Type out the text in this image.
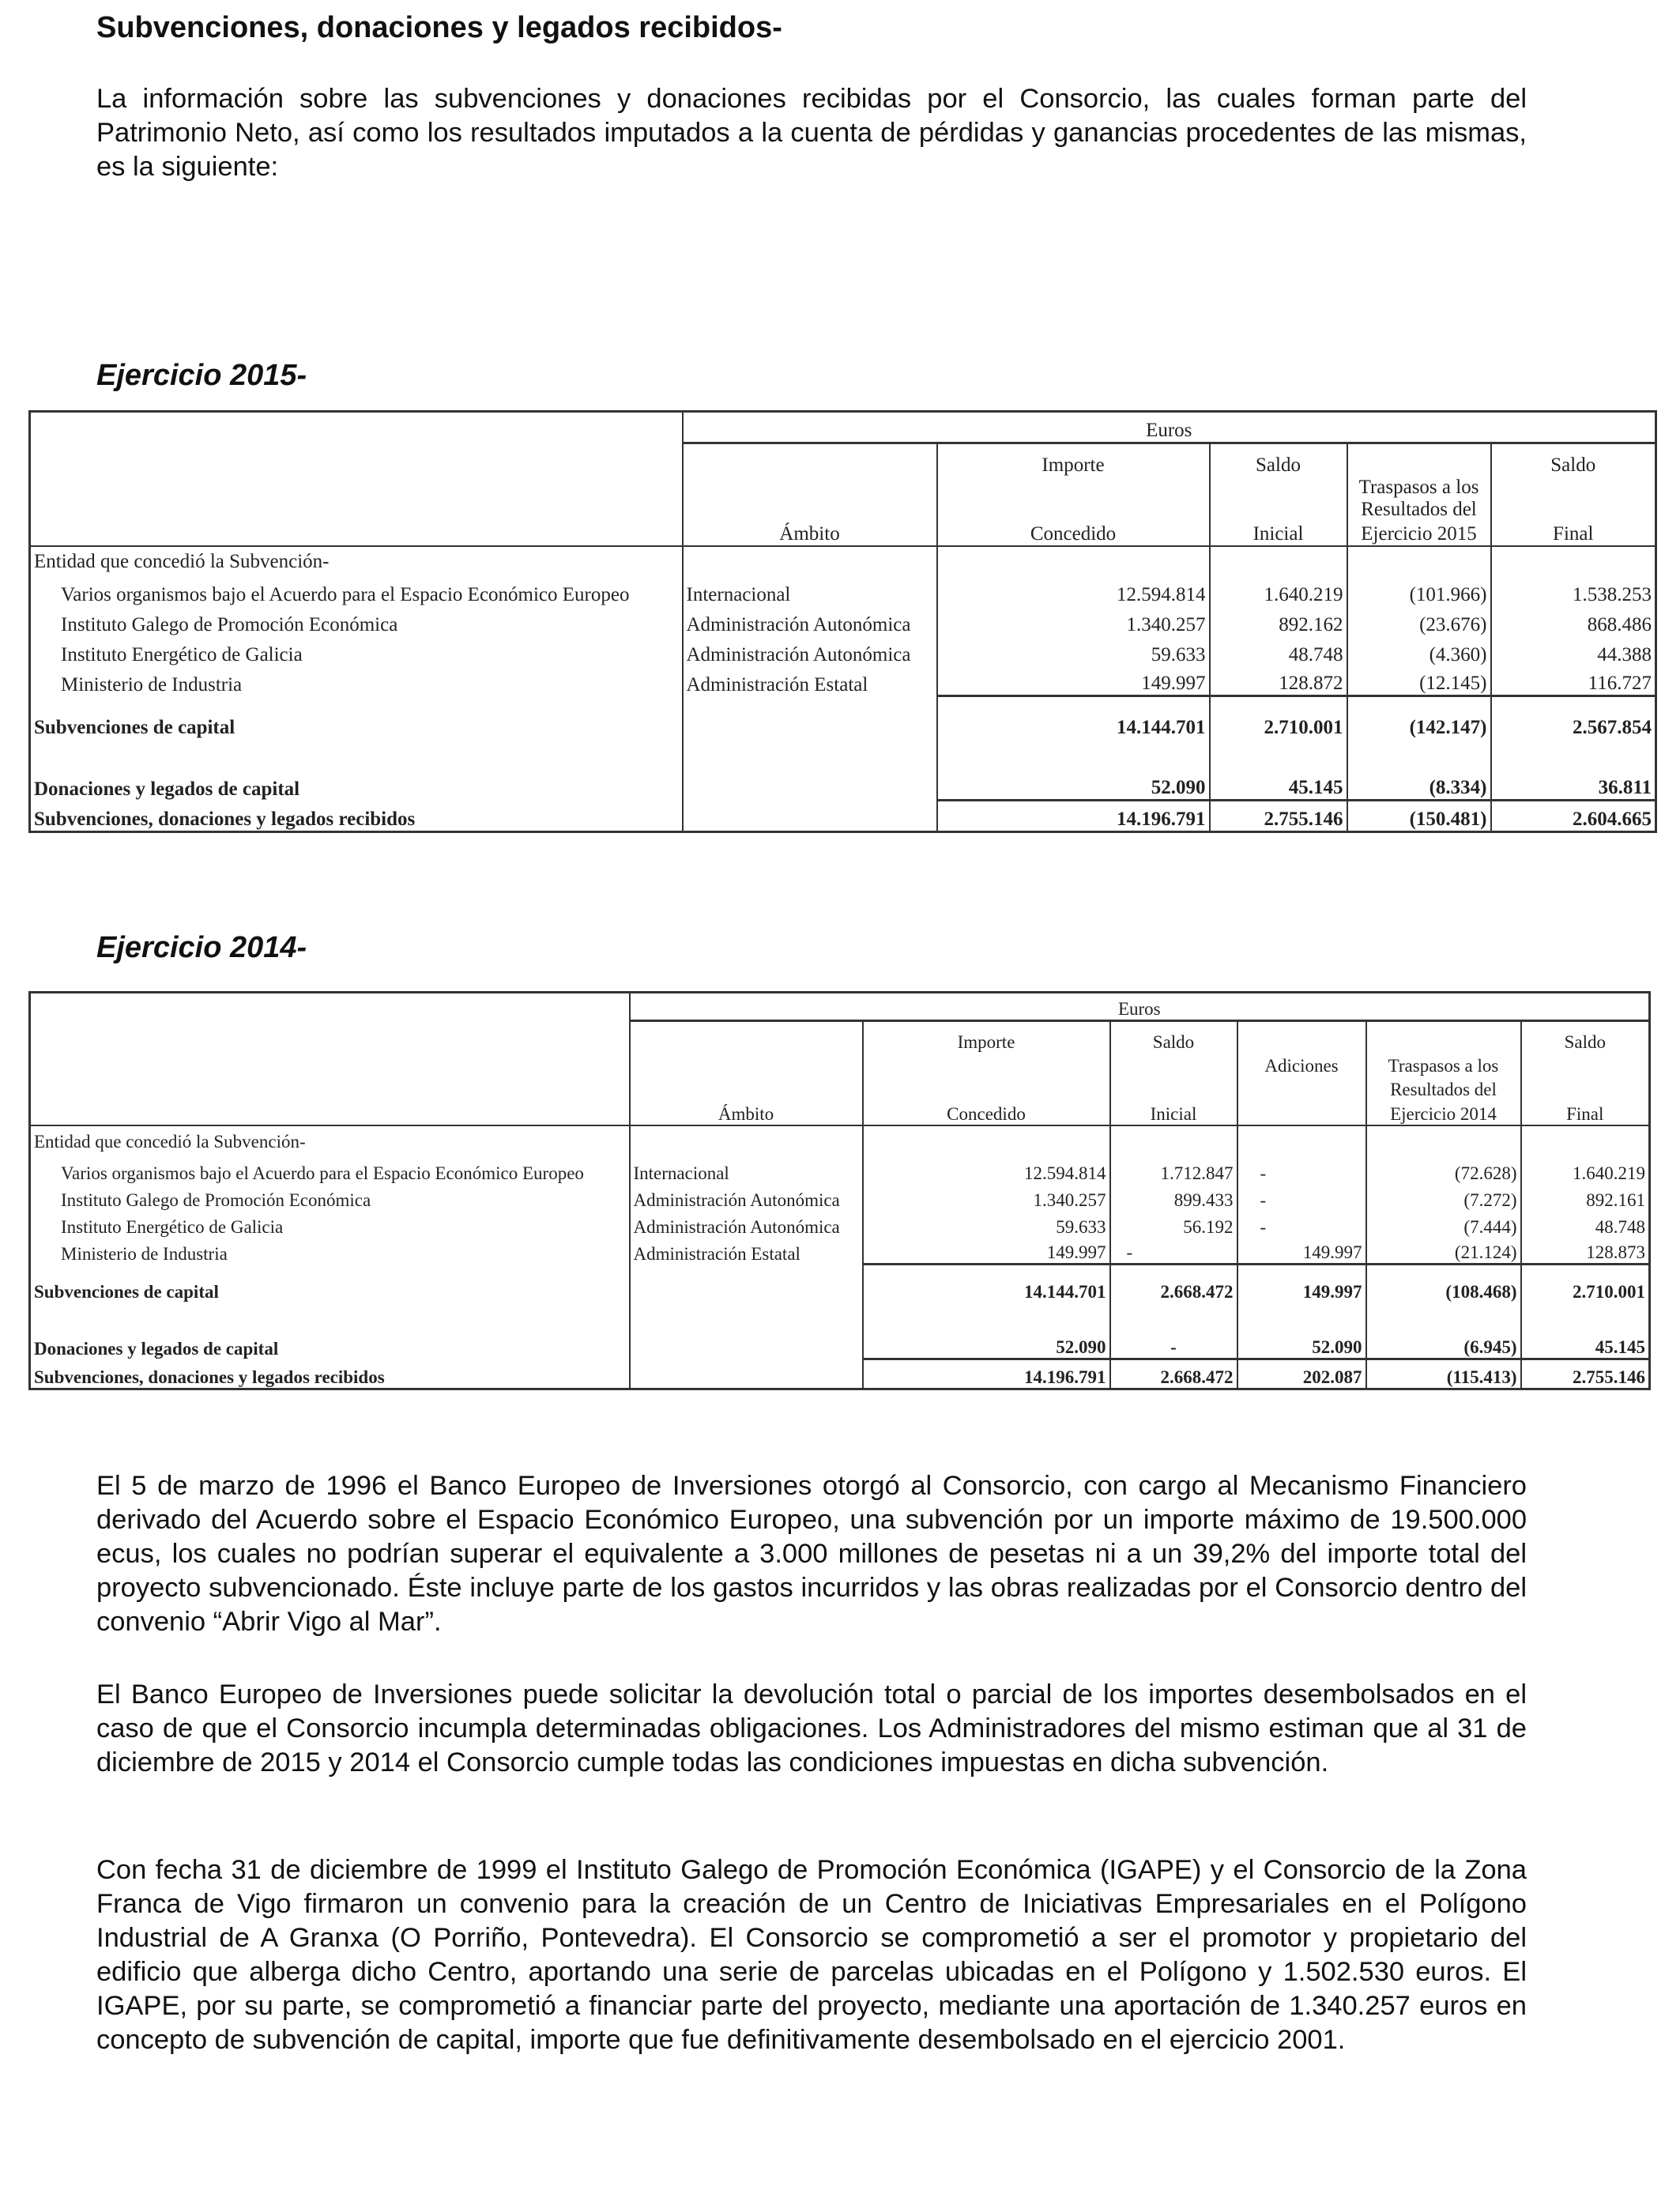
Subvenciones, donaciones y legados recibidos-

La información sobre las subvenciones y donaciones recibidas por el Consorcio, las cuales forman parte del Patrimonio Neto, así como los resultados imputados a la cuenta de pérdidas y ganancias procedentes de las mismas, es la siguiente:

Ejercicio 2015-
	Euros				
		Importe	Saldo		Saldo
				Traspasos a los	
				Resultados del	
	Ámbito	Concedido	Inicial	Ejercicio 2015	Final
Entidad que concedió la Subvención-					
Varios organismos bajo el Acuerdo para el Espacio Económico Europeo	Internacional	12.594.814	1.640.219	(101.966)	1.538.253
Instituto Galego de Promoción Económica	Administración Autonómica	1.340.257	892.162	(23.676)	868.486
Instituto Energético de Galicia	Administración Autonómica	59.633	48.748	(4.360)	44.388
Ministerio de Industria	Administración Estatal	149.997	128.872	(12.145)	116.727
Subvenciones de capital		14.144.701	2.710.001	(142.147)	2.567.854
Donaciones y legados de capital		52.090	45.145	(8.334)	36.811
Subvenciones, donaciones y legados recibidos		14.196.791	2.755.146	(150.481)	2.604.665
Ejercicio 2014-
	Euros					
		Importe	Saldo			Saldo
				Adiciones	Traspasos a los	
					Resultados del	
	Ámbito	Concedido	Inicial		Ejercicio 2014	Final
Entidad que concedió la Subvención-						
Varios organismos bajo el Acuerdo para el Espacio Económico Europeo	Internacional	12.594.814	1.712.847	-	(72.628)	1.640.219
Instituto Galego de Promoción Económica	Administración Autonómica	1.340.257	899.433	-	(7.272)	892.161
Instituto Energético de Galicia	Administración Autonómica	59.633	56.192	-	(7.444)	48.748
Ministerio de Industria	Administración Estatal	149.997	-	149.997	(21.124)	128.873
Subvenciones de capital		14.144.701	2.668.472	149.997	(108.468)	2.710.001
Donaciones y legados de capital		52.090	-	52.090	(6.945)	45.145
Subvenciones, donaciones y legados recibidos		14.196.791	2.668.472	202.087	(115.413)	2.755.146

El 5 de marzo de 1996 el Banco Europeo de Inversiones otorgó al Consorcio, con cargo al Mecanismo Financiero derivado del Acuerdo sobre el Espacio Económico Europeo, una subvención por un importe máximo de 19.500.000 ecus, los cuales no podrían superar el equivalente a 3.000 millones de pesetas ni a un 39,2% del importe total del proyecto subvencionado. Éste incluye parte de los gastos incurridos y las obras realizadas por el Consorcio dentro del convenio “Abrir Vigo al Mar”.

El Banco Europeo de Inversiones puede solicitar la devolución total o parcial de los importes desembolsados en el caso de que el Consorcio incumpla determinadas obligaciones. Los Administradores del mismo estiman que al 31 de diciembre de 2015 y 2014 el Consorcio cumple todas las condiciones impuestas en dicha subvención.

Con fecha 31 de diciembre de 1999 el Instituto Galego de Promoción Económica (IGAPE) y el Consorcio de la Zona Franca de Vigo firmaron un convenio para la creación de un Centro de Iniciativas Empresariales en el Polígono Industrial de A Granxa (O Porriño, Pontevedra). El Consorcio se comprometió a ser el promotor y propietario del edificio que alberga dicho Centro, aportando una serie de parcelas ubicadas en el Polígono y 1.502.530 euros. El IGAPE, por su parte, se comprometió a financiar parte del proyecto, mediante una aportación de 1.340.257 euros en concepto de subvención de capital, importe que fue definitivamente desembolsado en el ejercicio 2001.
